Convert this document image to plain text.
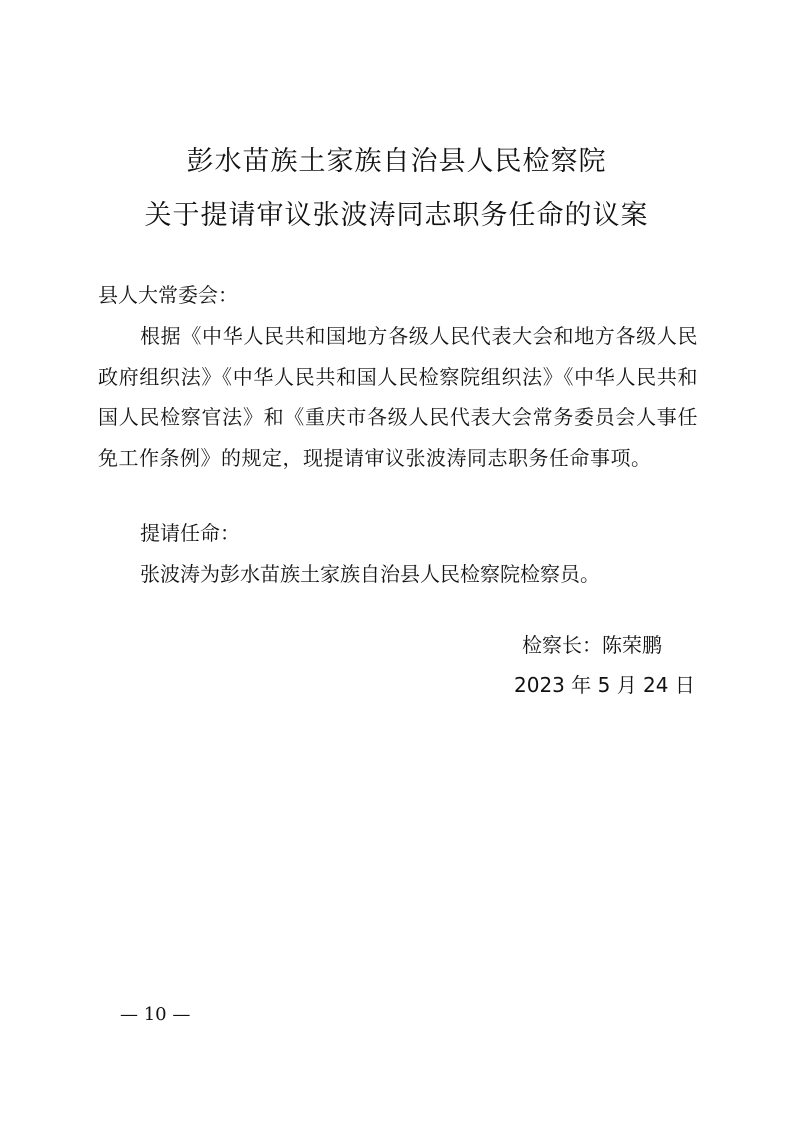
彭水苗族土家族自治县人民检察院
关于提请审议张波涛同志职务任命的议案
县人大常委会：
根据《中华人民共和国地方各级人民代表大会和地方各级人民政府组织法》《中华人民共和国人民检察院组织法》《中华人民共和国人民检察官法》和《重庆市各级人民代表大会常务委员会人事任免工作条例》的规定，现提请审议张波涛同志职务任命事项。
提请任命：
张波涛为彭水苗族土家族自治县人民检察院检察员。
检察长：陈荣鹏
2023 年 5 月 24 日
— 10 —
